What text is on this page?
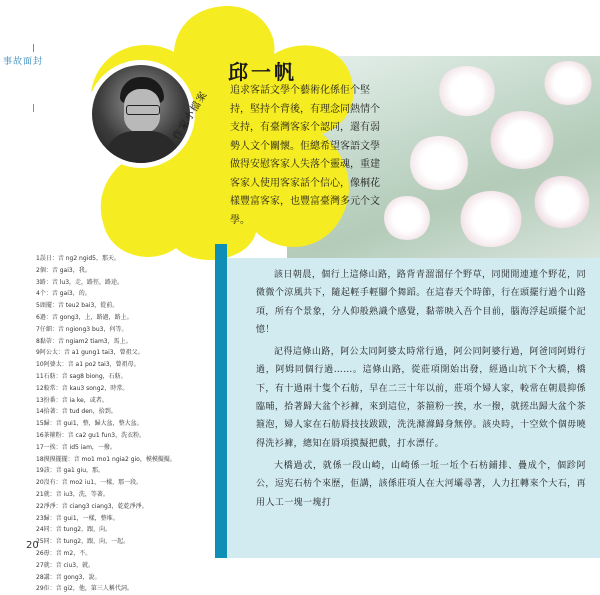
封面故事
作家小檔案
邱一帆

追求客話文學个藝術化係佢个堅持，堅持个背後，有理念同熱情个支持，有臺灣客家个認同，還有弱勢人文个關懷。佢總希望客語文學做得安慰客家人失落个靈魂，重建客家人使用客家話个信心，像桐花樣豐富客家，也豐富臺灣多元个文學。

1誤日：音 ng2 ngid5，那天。
2個：音 gai3，我。
3路：音 lu3，走，路徑，路途。
4个：音 gai3，的。
5頭擺：音 teu2 bai3，從前。
6過：音 gong3，上，路過，路上。
7仔細：音 ngiong3 bu3，何等。
8黏蒂：音 ngiam2 tiam3，馬上。
9阿公太：音 a1 gung1 tai3，曾祖父。
10阿婆太：音 a1 po2 tai3，曾祖母。
11石舫：音 sag8 biong，石舫。
12較常：音 kau3 song2，時常。
13扮番：音 ia ke，或者。
14拾著：音 tud den，拾到。
15歸：音 gui1，整，歸大盆，整大盆。
16茶箍粉：音 ca2 gu1 fun3，洗衣粉。
17一挨：音 id5 iam，一撥。
18摸摸擺擺：音 mo1 mo1 ngia2 gio，模模擬擬。
19該：音 ga1 giu，那。
20沒有：音 mo2 iu1，一樣，那一段。
21就：音 iu3，洗，等著。
22淨淨：音 ciang3 ciang3，乾乾淨淨。
23歸：音 gui1，一樣，整堆。
24同：音 tung2，跟，向。
25同：音 tung2，跟，向，一起。
26毋：音 m2，不。
27就：音 ciu3，就。
28講：音 gong3，說。
29佢：音 gi2，他，第三人稱代詞。

該日朝晨，個行上這條山路，路背青溜溜仔个野草，同閒閒連連个野花，同微微个涼風共下，隨起輕手輕腳个舞蹈。在這春天个時節，行在頭擺行過个山路項，所有个景象，分人仰般熟識个感覺，黏蒂映入吾个目前，腦海浮起頭擺个記憶！

記得這條山路，阿公太同阿婆太時常行過，阿公同阿婆行過，阿爸同阿姆行過，阿姆同個行過……。這條山路，從莊項開始出發，經過山坑下个大橋，橋下，有十過兩十隻个石舫，早在二三十年以前，莊項个婦人家，較常在朝晨抑係臨晡，拾著歸大盆个衫褲，來到這位，茶箍粉一挨，水一撥，就搓出歸大盆个茶箍泡，婦人家在石舫脣技技跋跋，洗洗滌滌歸身無停。該央時，十空欸个個毋曉得洗衫褲，總知在脣項摸擬把戲，打水漂仔。

大橋過忒，就係一段山崎，山崎係一坵一坵个石枋鋪排、疊成个，個跈阿公，逗宪石枋个來歷，佢講，該係莊項人在大河壩尋著，人力扛轉來个大石，再用人工一塊一塊打

20
